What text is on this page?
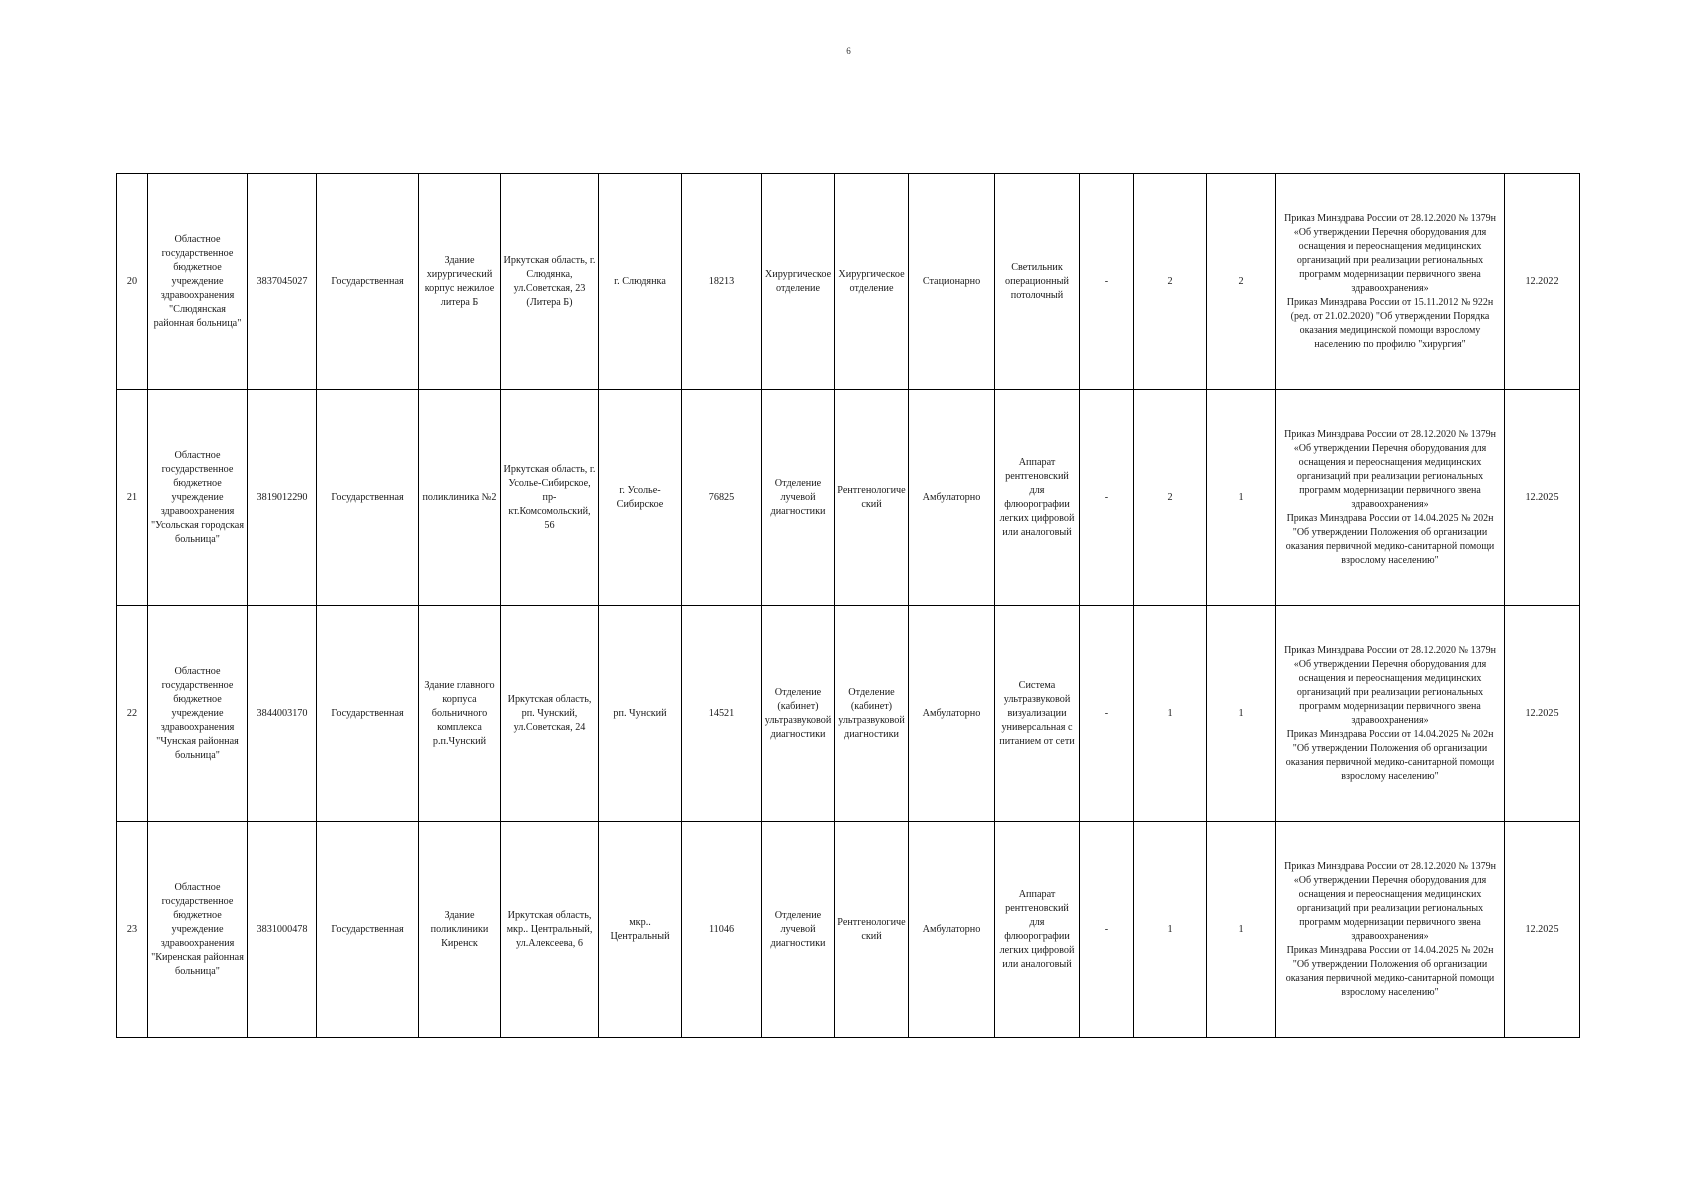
6
20	Областное государственное бюджетное учреждение здравоохранения "Слюдянская районная больница"	3837045027	Государственная	Здание хирургический корпус нежилое литера Б	Иркутская область, г. Слюдянка, ул.Советская, 23 (Литера Б)	г. Слюдянка	18213	Хирургическое отделение	Хирургическое отделение	Стационарно	Светильник операционный потолочный	-	2	2	Приказ Минздрава России от 28.12.2020 № 1379н «Об утверждении Перечня оборудования для оснащения и переоснащения медицинских организаций при реализации региональных программ модернизации первичного звена здравоохранения»
Приказ Минздрава России от 15.11.2012 № 922н (ред. от 21.02.2020) "Об утверждении Порядка оказания медицинской помощи взрослому населению по профилю "хирургия"	12.2022
21	Областное государственное бюджетное учреждение здравоохранения "Усольская городская больница"	3819012290	Государственная	поликлиника №2	Иркутская область, г. Усолье-Сибирское, пр-кт.Комсомольский, 56	г. Усолье-Сибирское	76825	Отделение лучевой диагностики	Рентгенологический	Амбулаторно	Аппарат рентгеновский для флюорографии легких цифровой или аналоговый	-	2	1	Приказ Минздрава России от 28.12.2020 № 1379н «Об утверждении Перечня оборудования для оснащения и переоснащения медицинских организаций при реализации региональных программ модернизации первичного звена здравоохранения»
Приказ Минздрава России от 14.04.2025 № 202н "Об утверждении Положения об организации оказания первичной медико-санитарной помощи взрослому населению"	12.2025
22	Областное государственное бюджетное учреждение здравоохранения "Чунская районная больница"	3844003170	Государственная	Здание главного корпуса больничного комплекса р.п.Чунский	Иркутская область, рп. Чунский, ул.Советская, 24	рп. Чунский	14521	Отделение (кабинет) ультразвуковой диагностики	Отделение (кабинет) ультразвуковой диагностики	Амбулаторно	Система ультразвуковой визуализации универсальная с питанием от сети	-	1	1	Приказ Минздрава России от 28.12.2020 № 1379н «Об утверждении Перечня оборудования для оснащения и переоснащения медицинских организаций при реализации региональных программ модернизации первичного звена здравоохранения»
Приказ Минздрава России от 14.04.2025 № 202н "Об утверждении Положения об организации оказания первичной медико-санитарной помощи взрослому населению"	12.2025
23	Областное государственное бюджетное учреждение здравоохранения "Киренская районная больница"	3831000478	Государственная	Здание поликлиники Киренск	Иркутская область, мкр.. Центральный, ул.Алексеева, 6	мкр.. Центральный	11046	Отделение лучевой диагностики	Рентгенологический	Амбулаторно	Аппарат рентгеновский для флюорографии легких цифровой или аналоговый	-	1	1	Приказ Минздрава России от 28.12.2020 № 1379н «Об утверждении Перечня оборудования для оснащения и переоснащения медицинских организаций при реализации региональных программ модернизации первичного звена здравоохранения»
Приказ Минздрава России от 14.04.2025 № 202н "Об утверждении Положения об организации оказания первичной медико-санитарной помощи взрослому населению"	12.2025
